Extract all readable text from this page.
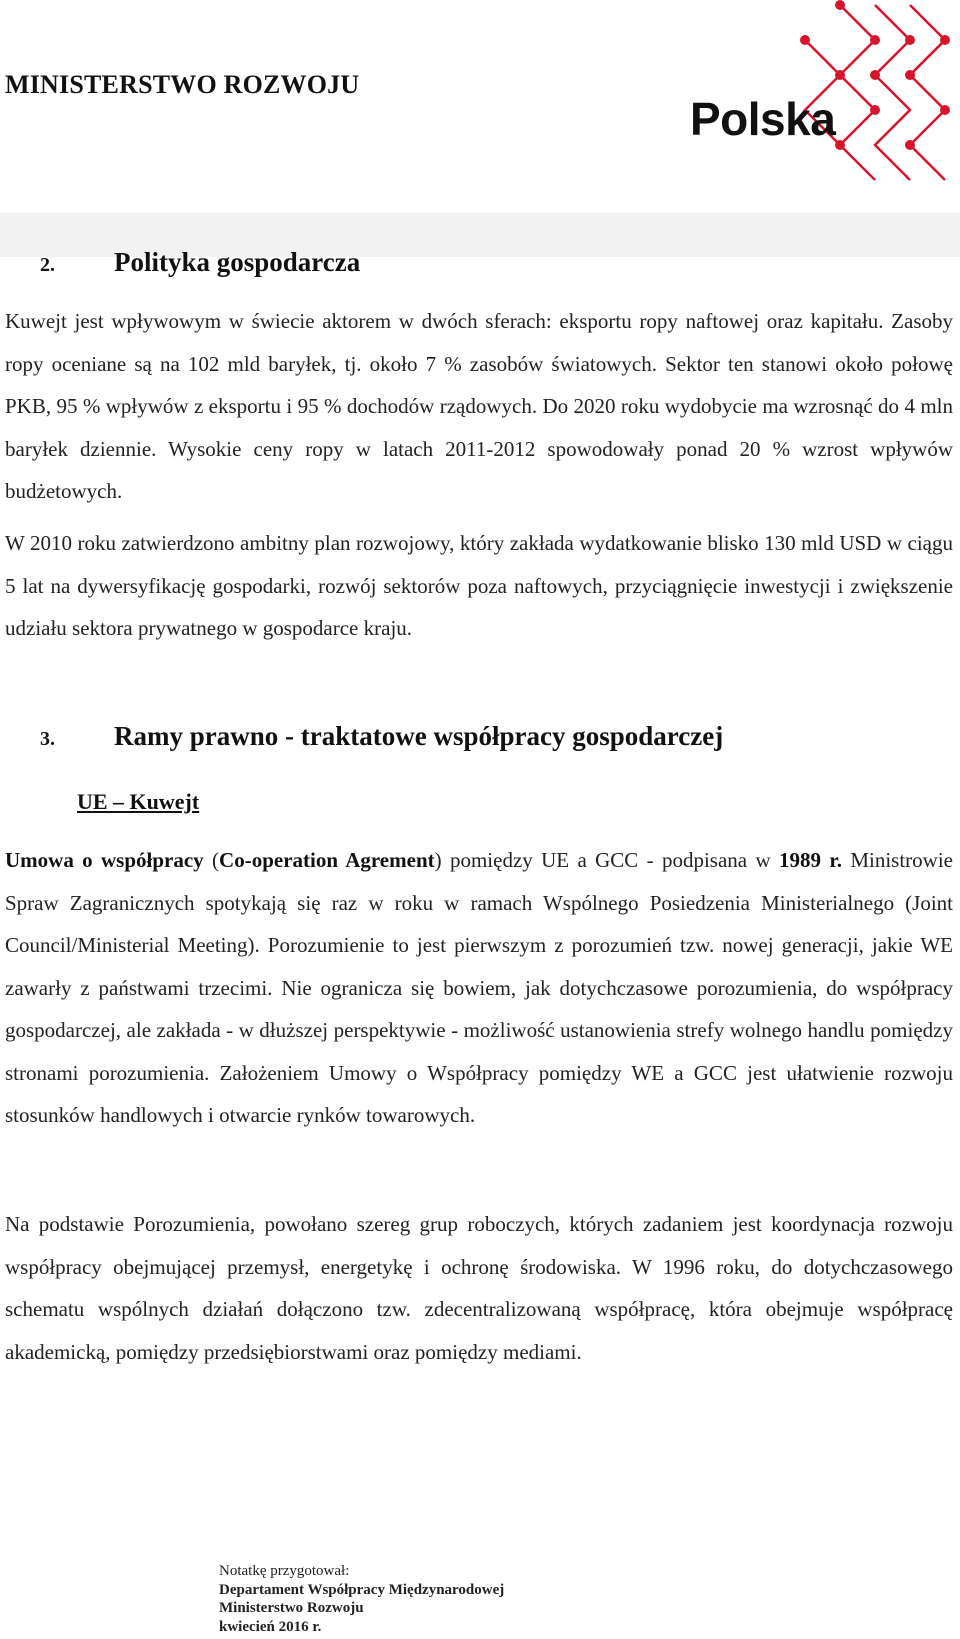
MINISTERSTWO ROZWOJU
Polska
2. Polityka gospodarcza

Kuwejt jest wpływowym w świecie aktorem w dwóch sferach: eksportu ropy naftowej oraz kapitału. Zasoby ropy oceniane są na 102 mld baryłek, tj. około 7 % zasobów światowych. Sektor ten stanowi około połowę PKB, 95 % wpływów z eksportu i 95 % dochodów rządowych. Do 2020 roku wydobycie ma wzrosnąć do 4 mln baryłek dziennie. Wysokie ceny ropy w latach 2011-2012 spowodowały ponad 20 % wzrost wpływów budżetowych.

W 2010 roku zatwierdzono ambitny plan rozwojowy, który zakłada wydatkowanie blisko 130 mld USD w ciągu 5 lat na dywersyfikację gospodarki, rozwój sektorów poza naftowych, przyciągnięcie inwestycji i zwiększenie udziału sektora prywatnego w gospodarce kraju.

3. Ramy prawno - traktatowe współpracy gospodarczej
UE – Kuwejt

Umowa o współpracy (Co-operation Agrement) pomiędzy UE a GCC - podpisana w 1989 r. Ministrowie Spraw Zagranicznych spotykają się raz w roku w ramach Wspólnego Posiedzenia Ministerialnego (Joint Council/Ministerial Meeting). Porozumienie to jest pierwszym z porozumień tzw. nowej generacji, jakie WE zawarły z państwami trzecimi. Nie ogranicza się bowiem, jak dotychczasowe porozumienia, do współpracy gospodarczej, ale zakłada - w dłuższej perspektywie - możliwość ustanowienia strefy wolnego handlu pomiędzy stronami porozumienia. Założeniem Umowy o Współpracy pomiędzy WE a GCC jest ułatwienie rozwoju stosunków handlowych i otwarcie rynków towarowych.

Na podstawie Porozumienia, powołano szereg grup roboczych, których zadaniem jest koordynacja rozwoju współpracy obejmującej przemysł, energetykę i ochronę środowiska. W 1996 roku, do dotychczasowego schematu wspólnych działań dołączono tzw. zdecentralizowaną współpracę, która obejmuje współpracę akademicką, pomiędzy przedsiębiorstwami oraz pomiędzy mediami.

Notatkę przygotował:
Departament Współpracy Międzynarodowej
Ministerstwo Rozwoju
kwiecień 2016 r.
